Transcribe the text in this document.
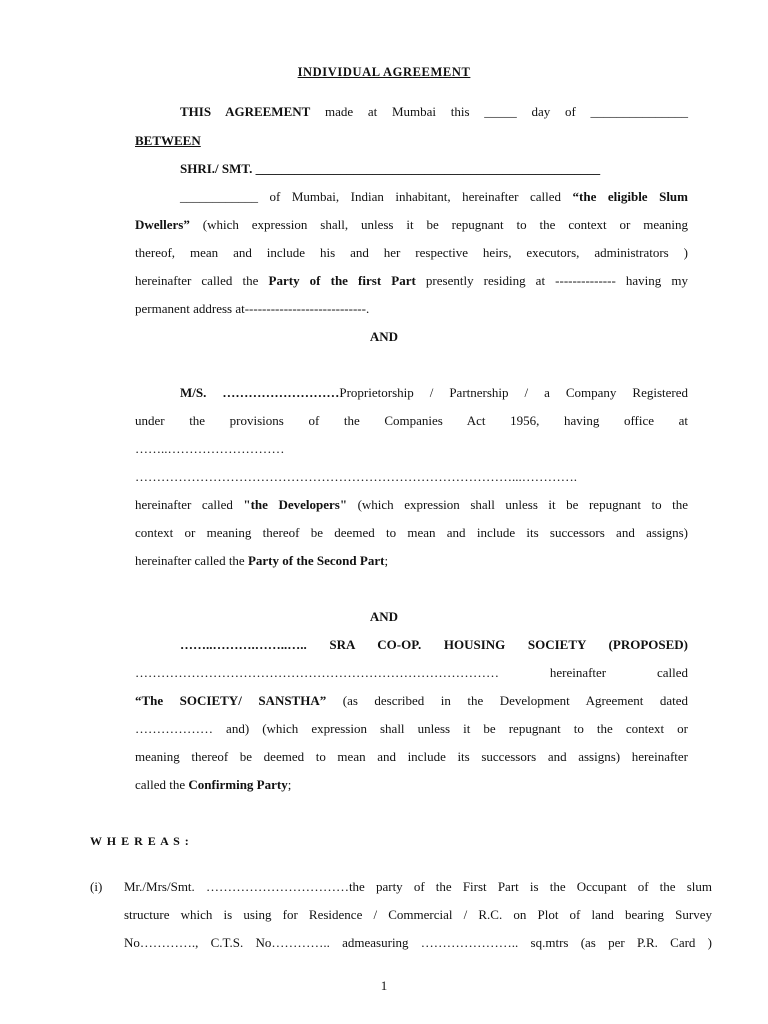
INDIVIDUAL AGREEMENT
THIS AGREEMENT made at Mumbai this _____ day of _______________
BETWEEN
SHRI./ SMT. _____________________________________________________
____________ of Mumbai, Indian inhabitant, hereinafter called “the eligible Slum
Dwellers” (which expression shall, unless it be repugnant to the context or meaning
thereof, mean and include his and her respective heirs, executors, administrators )
hereinafter called the Party of the first Part presently residing at -------------- having my
permanent address at----------------------------.
AND
M/S. ………………………Proprietorship / Partnership / a Company Registered
under the provisions of the Companies Act 1956, having office at
……..………………………
……………………………………………………………………………...………….
hereinafter called "the Developers" (which expression shall unless it be repugnant to the
context or meaning thereof be deemed to mean and include its successors and assigns)
hereinafter called the Party of the Second Part;
AND
……..……….……..….. SRA CO-OP. HOUSING SOCIETY (PROPOSED)
…………………………………………………………………………	hereinafter called
“The SOCIETY/ SANSTHA” (as described in the Development Agreement dated
……………… and) (which expression shall unless it be repugnant to the context or
meaning thereof be deemed to mean and include its successors and assigns) hereinafter
called the Confirming Party;
W H E R E A S :
(i) Mr./Mrs/Smt. ……………………………the party of the First Part is the Occupant of the slum
structure which is using for Residence / Commercial / R.C. on Plot of land bearing Survey
No…………., C.T.S. No………….. admeasuring ………………….. sq.mtrs (as per P.R. Card )
1
